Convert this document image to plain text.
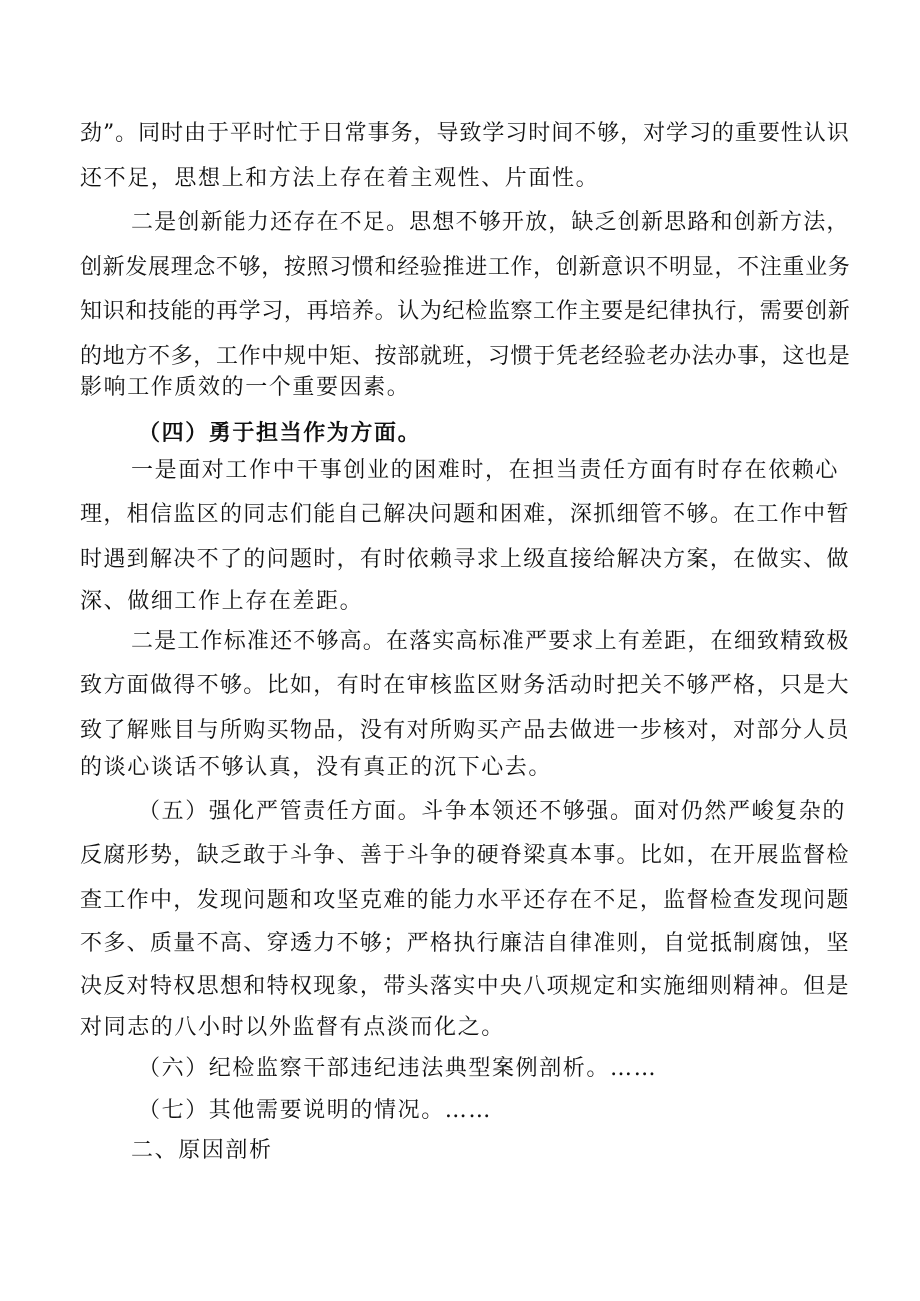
劲”。同时由于平时忙于日常事务，导致学习时间不够，对学习的重要性认识
还不足，思想上和方法上存在着主观性、片面性。
二是创新能力还存在不足。思想不够开放，缺乏创新思路和创新方法，
创新发展理念不够，按照习惯和经验推进工作，创新意识不明显，不注重业务
知识和技能的再学习，再培养。认为纪检监察工作主要是纪律执行，需要创新
的地方不多，工作中规中矩、按部就班，习惯于凭老经验老办法办事，这也是
影响工作质效的一个重要因素。
（四）勇于担当作为方面。
一是面对工作中干事创业的困难时，在担当责任方面有时存在依赖心
理，相信监区的同志们能自己解决问题和困难，深抓细管不够。在工作中暂
时遇到解决不了的问题时，有时依赖寻求上级直接给解决方案，在做实、做
深、做细工作上存在差距。
二是工作标准还不够高。在落实高标准严要求上有差距，在细致精致极
致方面做得不够。比如，有时在审核监区财务活动时把关不够严格，只是大
致了解账目与所购买物品，没有对所购买产品去做进一步核对，对部分人员
的谈心谈话不够认真，没有真正的沉下心去。
（五）强化严管责任方面。斗争本领还不够强。面对仍然严峻复杂的
反腐形势，缺乏敢于斗争、善于斗争的硬脊梁真本事。比如，在开展监督检
查工作中，发现问题和攻坚克难的能力水平还存在不足，监督检查发现问题
不多、质量不高、穿透力不够；严格执行廉洁自律准则，自觉抵制腐蚀，坚
决反对特权思想和特权现象，带头落实中央八项规定和实施细则精神。但是
对同志的八小时以外监督有点淡而化之。
（六）纪检监察干部违纪违法典型案例剖析。……
（七）其他需要说明的情况。……
二、原因剖析
